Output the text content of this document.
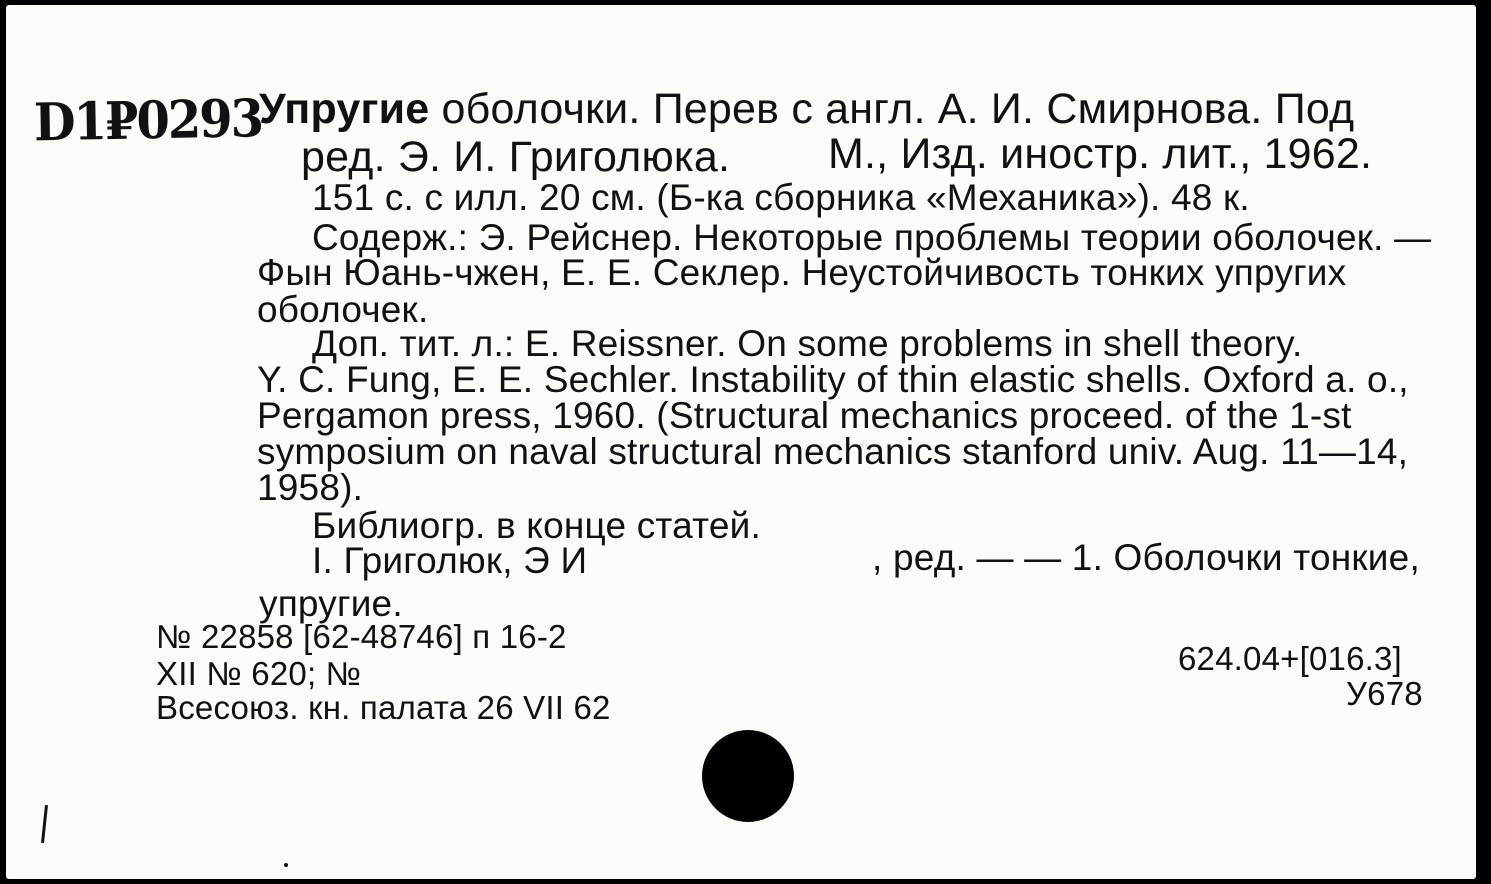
D1₽0293
Упругие оболочки. Перев с англ. А. И. Смирнова. Под
ред. Э. И. Григолюка. М., Изд. иностр. лит., 1962.
151 с. с илл. 20 см. (Б-ка сборника «Механика»). 48 к.
Содерж.: Э. Рейснер. Некоторые проблемы теории оболочек. —
Фын Юань-чжен, Е. Е. Секлер. Неустойчивость тонких упругих
оболочек.
Доп. тит. л.: E. Reissner. On some problems in shell theory.
Y. C. Fung, E. E. Sechler. Instability of thin elastic shells. Oxford a. o.,
Pergamon press, 1960. (Structural mechanics proceed. of the 1-st
symposium on naval structural mechanics stanford univ. Aug. 11—14,
1958).
Библиогр. в конце статей.
I. Григолюк, Э И	, ред. — — 1. Оболочки тонкие,
упругие.
№ 22858 [62-48746] п 16-2
XII № 620; №
Всесоюз. кн. палата 26 VII 62
624.04+[016.3]
У678
